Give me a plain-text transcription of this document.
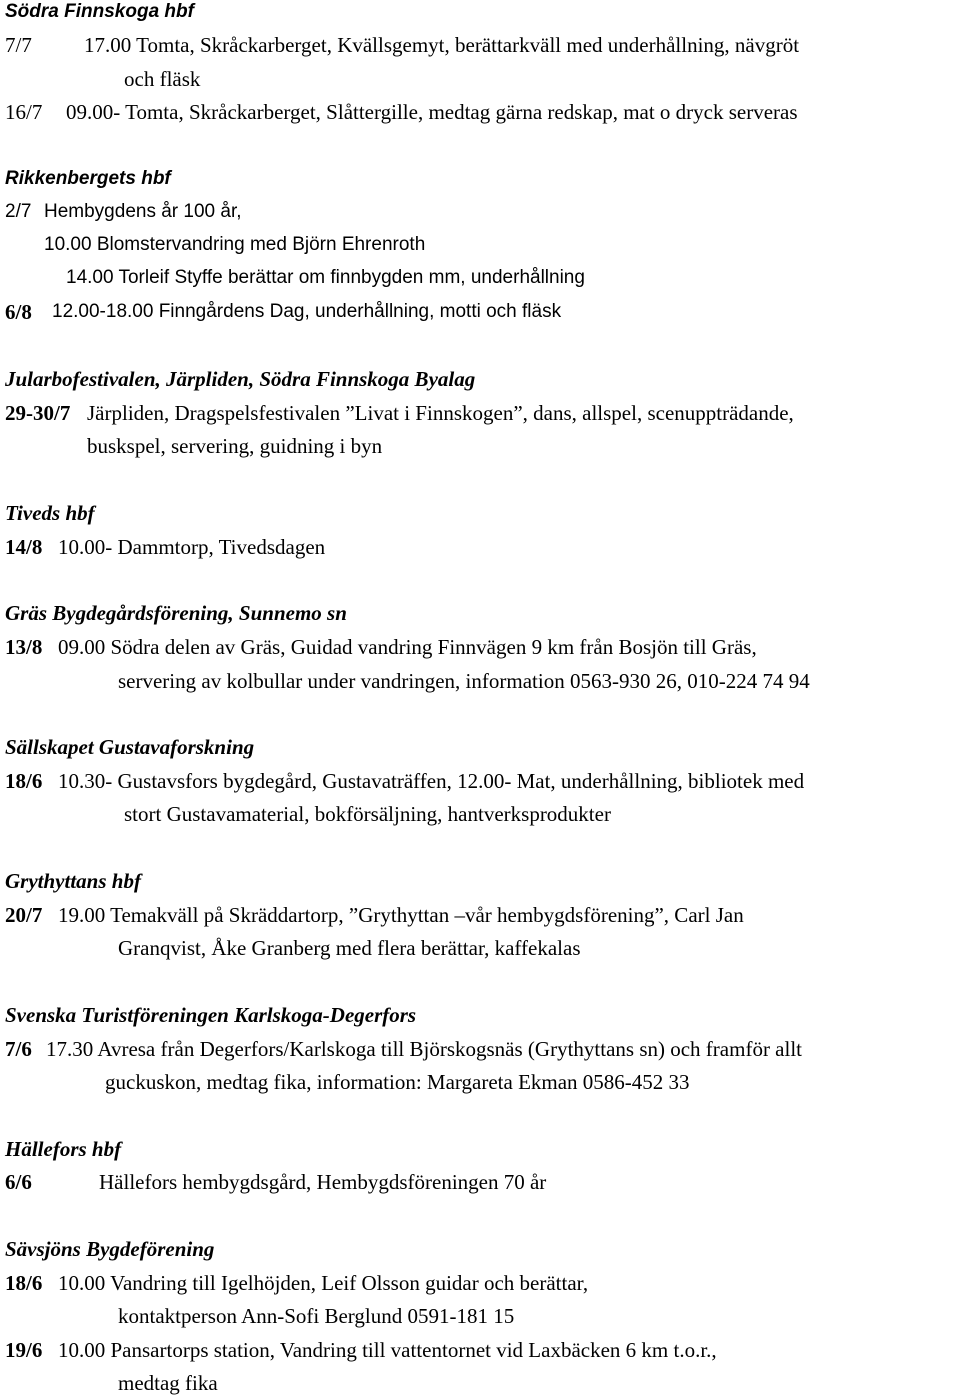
Södra Finnskoga hbf
7/7 17.00 Tomta, Skråckarberget, Kvällsgemyt, berättarkväll med underhållning, nävgröt
och fläsk
16/7 09.00- Tomta, Skråckarberget, Slåttergille, medtag gärna redskap, mat o dryck serveras
Rikkenbergets hbf
2/7 Hembygdens år 100 år,
10.00 Blomstervandring med Björn Ehrenroth
14.00 Torleif Styffe berättar om finnbygden mm, underhållning
6/8 12.00-18.00 Finngårdens Dag, underhållning, motti och fläsk
Jularbofestivalen, Järpliden, Södra Finnskoga Byalag
29-30/7 Järpliden, Dragspelsfestivalen ”Livat i Finnskogen”, dans, allspel, scenuppträdande,
buskspel, servering, guidning i byn
Tiveds hbf
14/8 10.00- Dammtorp, Tivedsdagen
Gräs Bygdegårdsförening, Sunnemo sn
13/8 09.00 Södra delen av Gräs, Guidad vandring Finnvägen 9 km från Bosjön till Gräs,
servering av kolbullar under vandringen, information 0563-930 26, 010-224 74 94
Sällskapet Gustavaforskning
18/6 10.30- Gustavsfors bygdegård, Gustavaträffen, 12.00- Mat, underhållning, bibliotek med
stort Gustavamaterial, bokförsäljning, hantverksprodukter
Grythyttans hbf
20/7 19.00 Temakväll på Skräddartorp, ”Grythyttan –vår hembygdsförening”, Carl Jan
Granqvist, Åke Granberg med flera berättar, kaffekalas
Svenska Turistföreningen Karlskoga-Degerfors
7/6 17.30 Avresa från Degerfors/Karlskoga till Björskogsnäs (Grythyttans sn) och framför allt
guckuskon, medtag fika, information: Margareta Ekman 0586-452 33
Hällefors hbf
6/6	Hällefors hembygdsgård, Hembygdsföreningen 70 år
Sävsjöns Bygdeförening
18/6 10.00 Vandring till Igelhöjden, Leif Olsson guidar och berättar,
kontaktperson Ann-Sofi Berglund 0591-181 15
19/6 10.00 Pansartorps station, Vandring till vattentornet vid Laxbäcken 6 km t.o.r.,
medtag fika
